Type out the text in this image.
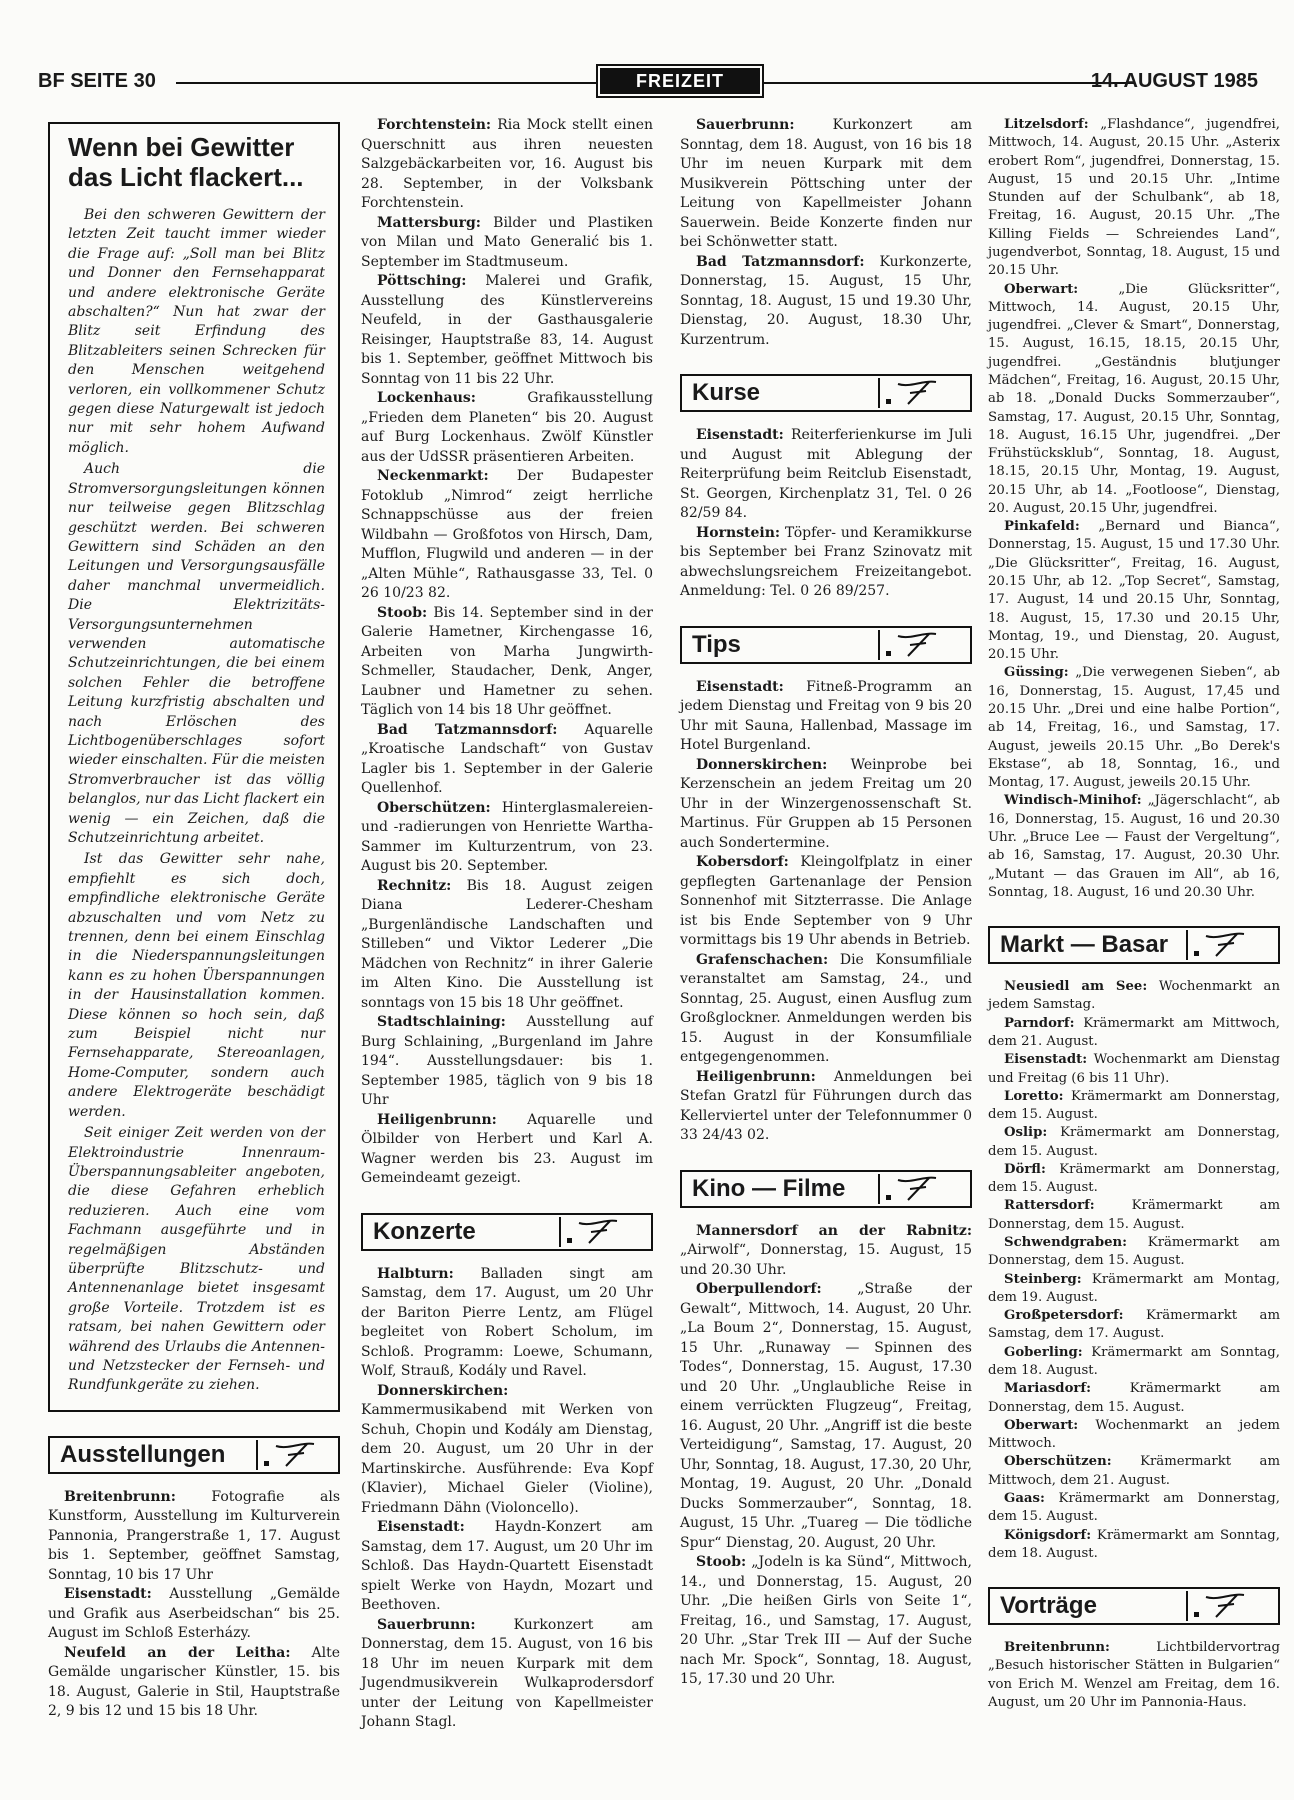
BF SEITE 30	FREIZEIT	14. AUGUST 1985
Wenn bei Gewitter das Licht flackert...

Bei den schweren Gewittern der letzten Zeit taucht immer wieder die Frage auf: „Soll man bei Blitz und Donner den Fernsehapparat und andere elektronische Geräte abschalten?“ Nun hat zwar der Blitz seit Erfindung des Blitzableiters seinen Schrecken für den Menschen weitgehend verloren, ein vollkommener Schutz gegen diese Naturgewalt ist jedoch nur mit sehr hohem Aufwand möglich.

Auch die Stromversorgungsleitungen können nur teilweise gegen Blitzschlag geschützt werden. Bei schweren Gewittern sind Schäden an den Leitungen und Versorgungsausfälle daher manchmal unvermeidlich. Die Elektrizitäts-Versorgungsunternehmen verwenden automatische Schutzeinrichtungen, die bei einem solchen Fehler die betroffene Leitung kurzfristig abschalten und nach Erlöschen des Lichtbogenüberschlages sofort wieder einschalten. Für die meisten Stromverbraucher ist das völlig belanglos, nur das Licht flackert ein wenig — ein Zeichen, daß die Schutzeinrichtung arbeitet.

Ist das Gewitter sehr nahe, empfiehlt es sich doch, empfindliche elektronische Geräte abzuschalten und vom Netz zu trennen, denn bei einem Einschlag in die Niederspannungsleitungen kann es zu hohen Überspannungen in der Hausinstallation kommen. Diese können so hoch sein, daß zum Beispiel nicht nur Fernsehapparate, Stereoanlagen, Home-Computer, sondern auch andere Elektrogeräte beschädigt werden.

Seit einiger Zeit werden von der Elektroindustrie Innenraum-Überspannungsableiter angeboten, die diese Gefahren erheblich reduzieren. Auch eine vom Fachmann ausgeführte und in regelmäßigen Abständen überprüfte Blitzschutz- und Antennenanlage bietet insgesamt große Vorteile. Trotzdem ist es ratsam, bei nahen Gewittern oder während des Urlaubs die Antennen- und Netzstecker der Fernseh- und Rundfunkgeräte zu ziehen.

Ausstellungen

Breitenbrunn:	Fotografie als Kunstform, Ausstellung im Kulturverein Pannonia, Prangerstraße 1, 17. August bis 1. September, geöffnet Samstag, Sonntag, 10 bis 17 Uhr

Eisenstadt: Ausstellung „Gemälde und Grafik aus Aserbeidschan“ bis 25. August im Schloß Esterházy.

Neufeld an der Leitha: Alte Gemälde ungarischer Künstler, 15. bis 18. August, Galerie in Stil, Hauptstraße 2, 9 bis 12 und 15 bis 18 Uhr.

Forchtenstein: Ria Mock stellt einen Querschnitt aus ihren neuesten Salzgebäckarbeiten vor, 16. August bis 28. September, in der Volksbank Forchtenstein.

Mattersburg: Bilder und Plastiken von Milan und Mato Generalić bis 1. September im Stadtmuseum.

Pöttsching: Malerei und Grafik, Ausstellung des Künstlervereins Neufeld, in der Gasthausgalerie Reisinger, Hauptstraße 83, 14. August bis 1. September, geöffnet Mittwoch bis Sonntag von 11 bis 22 Uhr.

Lockenhaus:	Grafikausstellung „Frieden dem Planeten“ bis 20. August auf Burg Lockenhaus. Zwölf Künstler aus der UdSSR präsentieren Arbeiten.

Neckenmarkt: Der Budapester Fotoklub „Nimrod“ zeigt herrliche Schnappschüsse aus der freien Wildbahn — Großfotos von Hirsch, Dam, Mufflon, Flugwild und anderen — in der „Alten Mühle“, Rathausgasse 33, Tel. 0 26 10/23 82.

Stoob: Bis 14. September sind in der Galerie Hametner, Kirchengasse 16, Arbeiten von Marha Jungwirth-Schmeller, Staudacher, Denk, Anger, Laubner und Hametner zu sehen. Täglich von 14 bis 18 Uhr geöffnet.

Bad Tatzmannsdorf: Aquarelle „Kroatische Landschaft“ von Gustav Lagler bis 1. September in der Galerie Quellenhof.

Oberschützen: Hinterglasmalereien- und -radierungen von Henriette Wartha-Sammer im Kulturzentrum, von 23. August bis 20. September.

Rechnitz: Bis 18. August zeigen Diana Lederer-Chesham „Burgenländische Landschaften und Stilleben“ und Viktor Lederer „Die Mädchen von Rechnitz“ in ihrer Galerie im Alten Kino. Die Ausstellung ist sonntags von 15 bis 18 Uhr geöffnet.

Stadtschlaining: Ausstellung auf Burg Schlaining, „Burgenland im Jahre 194“. Ausstellungsdauer: bis 1. September 1985, täglich von 9 bis 18 Uhr

Heiligenbrunn: Aquarelle und Ölbilder von Herbert und Karl A. Wagner werden bis 23. August im Gemeindeamt gezeigt.

Konzerte

Halbturn: Balladen singt am Samstag, dem 17. August, um 20 Uhr der Bariton Pierre Lentz, am Flügel begleitet von Robert Scholum, im Schloß. Programm: Loewe, Schumann, Wolf, Strauß, Kodály und Ravel.

Donnerskirchen: Kammermusikabend mit Werken von Schuh, Chopin und Kodály am Dienstag, dem 20. August, um 20 Uhr in der Martinskirche. Ausführende: Eva Kopf (Klavier), Michael Gieler (Violine), Friedmann Dähn (Violoncello).

Eisenstadt: Haydn-Konzert am Samstag, dem 17. August, um 20 Uhr im Schloß. Das Haydn-Quartett Eisenstadt spielt Werke von Haydn, Mozart und Beethoven.

Sauerbrunn:	Kurkonzert am Donnerstag, dem 15. August, von 16 bis 18 Uhr im neuen Kurpark mit dem Jugendmusikverein Wulkaprodersdorf unter der Leitung von Kapellmeister Johann Stagl.

Sauerbrunn:	Kurkonzert am Sonntag, dem 18. August, von 16 bis 18 Uhr im neuen Kurpark mit dem Musikverein Pöttsching unter der Leitung von Kapellmeister Johann Sauerwein. Beide Konzerte finden nur bei Schönwetter statt.

Bad Tatzmannsdorf: Kurkonzerte, Donnerstag, 15. August, 15 Uhr, Sonntag, 18. August, 15 und 19.30 Uhr, Dienstag, 20. August, 18.30 Uhr, Kurzentrum.

Kurse

Eisenstadt: Reiterferienkurse im Juli und August mit Ablegung der Reiterprüfung beim Reitclub Eisenstadt, St. Georgen, Kirchenplatz 31, Tel. 0 26 82/59 84.

Hornstein: Töpfer- und Keramikkurse bis September bei Franz Szinovatz mit abwechslungsreichem Freizeitangebot. Anmeldung: Tel. 0 26 89/257.

Tips

Eisenstadt: Fitneß-Programm an jedem Dienstag und Freitag von 9 bis 20 Uhr mit Sauna, Hallenbad, Massage im Hotel Burgenland.

Donnerskirchen: Weinprobe bei Kerzenschein an jedem Freitag um 20 Uhr in der Winzergenossenschaft St. Martinus. Für Gruppen ab 15 Personen auch Sondertermine.

Kobersdorf: Kleingolfplatz in einer gepflegten Gartenanlage der Pension Sonnenhof mit Sitzterrasse. Die Anlage ist bis Ende September von 9 Uhr vormittags bis 19 Uhr abends in Betrieb.

Grafenschachen: Die Konsumfiliale veranstaltet am Samstag, 24., und Sonntag, 25. August, einen Ausflug zum Großglockner. Anmeldungen werden bis 15. August in der Konsumfiliale entgegengenommen.

Heiligenbrunn: Anmeldungen bei Stefan Gratzl für Führungen durch das Kellerviertel unter der Telefonnummer 0 33 24/43 02.

Kino — Filme

Mannersdorf an der Rabnitz: „Airwolf“, Donnerstag, 15. August, 15 und 20.30 Uhr.

Oberpullendorf:	„Straße der Gewalt“, Mittwoch, 14. August, 20 Uhr. „La Boum 2“, Donnerstag, 15. August, 15 Uhr. „Runaway — Spinnen des Todes“, Donnerstag, 15. August, 17.30 und 20 Uhr. „Unglaubliche Reise in einem verrückten Flugzeug“, Freitag, 16. August, 20 Uhr. „Angriff ist die beste Verteidigung“, Samstag, 17. August, 20 Uhr, Sonntag, 18. August, 17.30, 20 Uhr, Montag, 19. August, 20 Uhr. „Donald Ducks Sommerzauber“, Sonntag, 18. August, 15 Uhr. „Tuareg — Die tödliche Spur“ Dienstag, 20. August, 20 Uhr.

Stoob: „Jodeln is ka Sünd“, Mittwoch, 14., und Donnerstag, 15. August, 20 Uhr. „Die heißen Girls von Seite 1“, Freitag, 16., und Samstag, 17. August, 20 Uhr. „Star Trek III — Auf der Suche nach Mr. Spock“, Sonntag, 18. August, 15, 17.30 und 20 Uhr.

Litzelsdorf: „Flashdance“, jugendfrei, Mittwoch, 14. August, 20.15 Uhr. „Asterix erobert Rom“, jugendfrei, Donnerstag, 15. August, 15 und 20.15 Uhr. „Intime Stunden auf der Schulbank“, ab 18, Freitag, 16. August, 20.15 Uhr. „The Killing Fields — Schreiendes Land“, jugendverbot, Sonntag, 18. August, 15 und 20.15 Uhr.

Oberwart:	„Die Glücksritter“, Mittwoch, 14. August, 20.15 Uhr, jugendfrei. „Clever & Smart“, Donnerstag, 15. August, 16.15, 18.15, 20.15 Uhr, jugendfrei. „Geständnis blutjunger Mädchen“, Freitag, 16. August, 20.15 Uhr, ab 18. „Donald Ducks Sommerzauber“, Samstag, 17. August, 20.15 Uhr, Sonntag, 18. August, 16.15 Uhr, jugendfrei. „Der Frühstücksklub“, Sonntag, 18. August, 18.15, 20.15 Uhr, Montag, 19. August, 20.15 Uhr, ab 14. „Footloose“, Dienstag, 20. August, 20.15 Uhr, jugendfrei.

Pinkafeld: „Bernard und Bianca“, Donnerstag, 15. August, 15 und 17.30 Uhr. „Die Glücksritter“, Freitag, 16. August, 20.15 Uhr, ab 12. „Top Secret“, Samstag, 17. August, 14 und 20.15 Uhr, Sonntag, 18. August, 15, 17.30 und 20.15 Uhr, Montag, 19., und Dienstag, 20. August, 20.15 Uhr.

Güssing: „Die verwegenen Sieben“, ab 16, Donnerstag, 15. August, 17,45 und 20.15 Uhr. „Drei und eine halbe Portion“, ab 14, Freitag, 16., und Samstag, 17. August, jeweils 20.15 Uhr. „Bo Derek's Ekstase“, ab 18, Sonntag, 16., und Montag, 17. August, jeweils 20.15 Uhr.

Windisch-Minihof: „Jägerschlacht“, ab 16, Donnerstag, 15. August, 16 und 20.30 Uhr. „Bruce Lee — Faust der Vergeltung“, ab 16, Samstag, 17. August, 20.30 Uhr. „Mutant — das Grauen im All“, ab 16, Sonntag, 18. August, 16 und 20.30 Uhr.

Markt — Basar

Neusiedl am See: Wochenmarkt an jedem Samstag.

Parndorf: Krämermarkt am Mittwoch, dem 21. August.

Eisenstadt: Wochenmarkt am Dienstag und Freitag (6 bis 11 Uhr).

Loretto: Krämermarkt am Donnerstag, dem 15. August.

Oslip: Krämermarkt am Donnerstag, dem 15. August.

Dörfl: Krämermarkt am Donnerstag, dem 15. August.

Rattersdorf:	Krämermarkt am Donnerstag, dem 15. August.

Schwendgraben: Krämermarkt am Donnerstag, dem 15. August.

Steinberg: Krämermarkt am Montag, dem 19. August.

Großpetersdorf: Krämermarkt am Samstag, dem 17. August.

Goberling: Krämermarkt am Sonntag, dem 18. August.

Mariasdorf:	Krämermarkt am Donnerstag, dem 15. August.

Oberwart: Wochenmarkt an jedem Mittwoch.

Oberschützen: Krämermarkt am Mittwoch, dem 21. August.

Gaas: Krämermarkt am Donnerstag, dem 15. August.

Königsdorf: Krämermarkt am Sonntag, dem 18. August.

Vorträge

Breitenbrunn:	Lichtbildervortrag „Besuch historischer Stätten in Bulgarien“ von Erich M. Wenzel am Freitag, dem 16. August, um 20 Uhr im Pannonia-Haus.
